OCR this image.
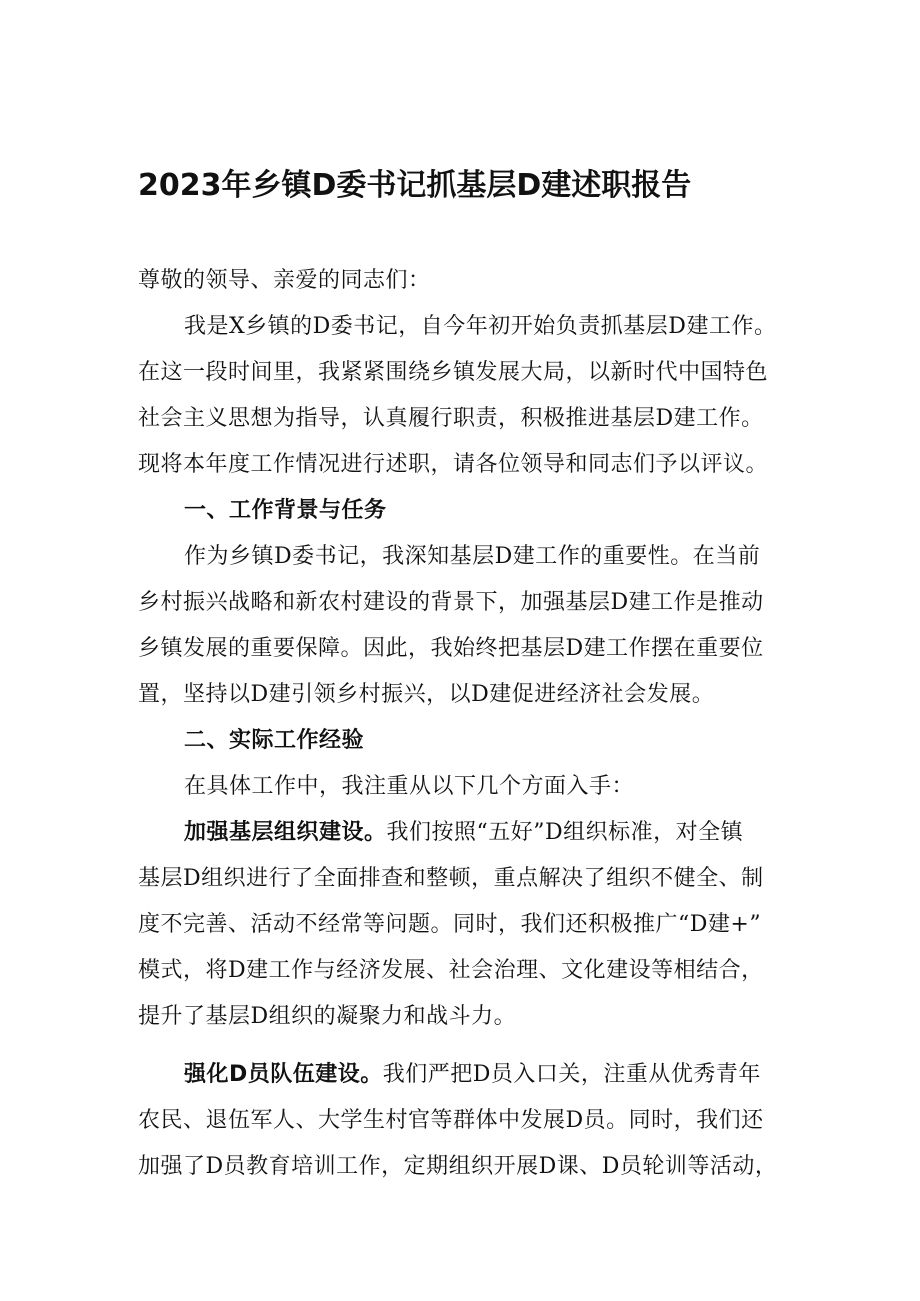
2023年乡镇D委书记抓基层D建述职报告
尊敬的领导、亲爱的同志们：
我是X乡镇的D委书记，自今年初开始负责抓基层D建工作。
在这一段时间里，我紧紧围绕乡镇发展大局，以新时代中国特色
社会主义思想为指导，认真履行职责，积极推进基层D建工作。
现将本年度工作情况进行述职，请各位领导和同志们予以评议。
一、工作背景与任务
作为乡镇D委书记，我深知基层D建工作的重要性。在当前
乡村振兴战略和新农村建设的背景下，加强基层D建工作是推动
乡镇发展的重要保障。因此，我始终把基层D建工作摆在重要位
置，坚持以D建引领乡村振兴，以D建促进经济社会发展。
二、实际工作经验
在具体工作中，我注重从以下几个方面入手：
加强基层组织建设。我们按照“五好”D组织标准，对全镇
基层D组织进行了全面排查和整顿，重点解决了组织不健全、制
度不完善、活动不经常等问题。同时，我们还积极推广“D建+”
模式，将D建工作与经济发展、社会治理、文化建设等相结合，
提升了基层D组织的凝聚力和战斗力。
强化D员队伍建设。我们严把D员入口关，注重从优秀青年
农民、退伍军人、大学生村官等群体中发展D员。同时，我们还
加强了D员教育培训工作，定期组织开展D课、D员轮训等活动，
